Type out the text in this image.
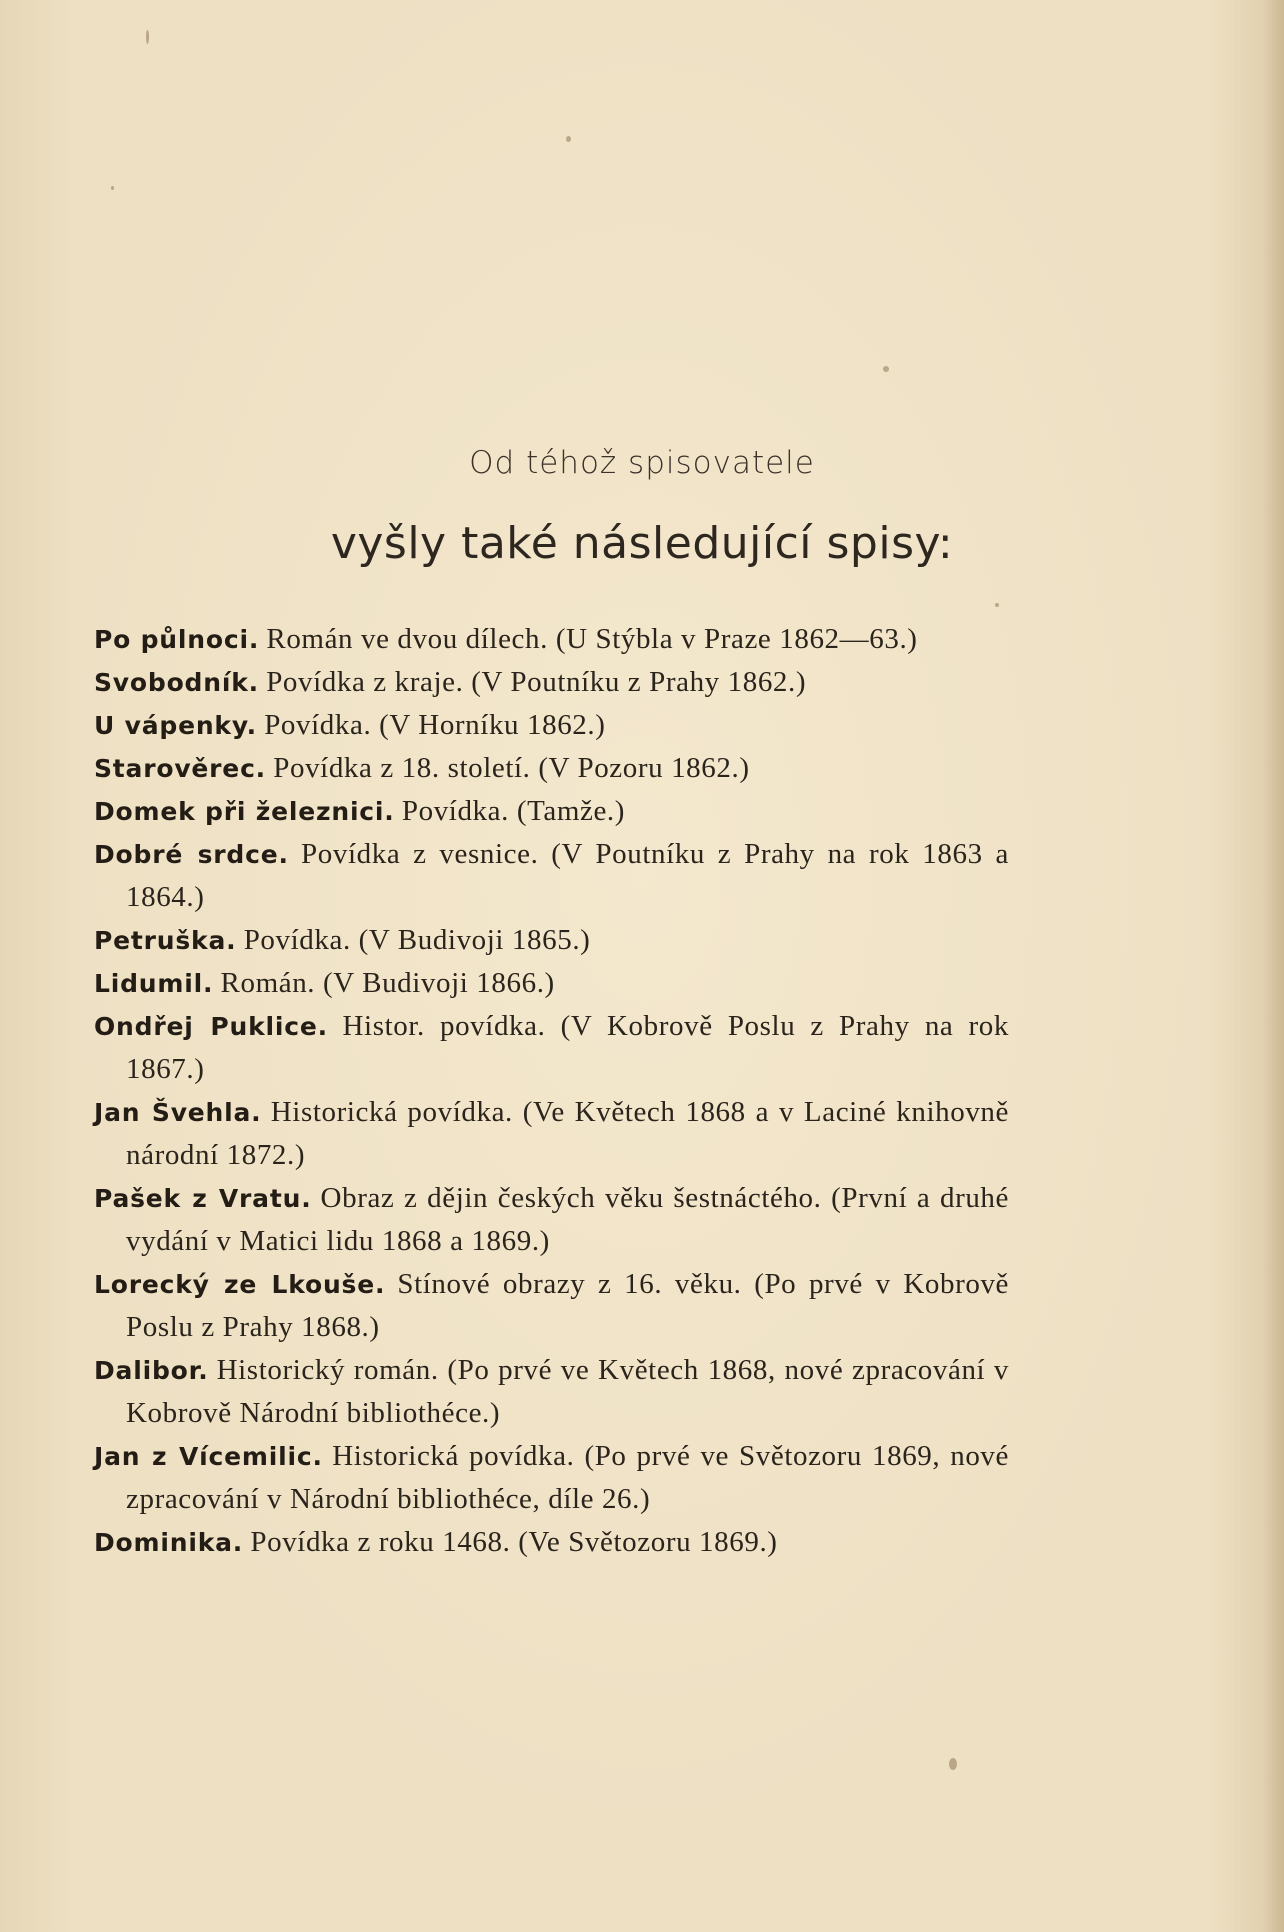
Od téhož spisovatele
vyšly také následující spisy:
Po půlnoci. Román ve dvou dílech. (U Stýbla v Praze 1862—63.)
Svobodník. Povídka z kraje. (V Poutníku z Prahy 1862.)
U vápenky. Povídka. (V Horníku 1862.)
Starověrec. Povídka z 18. století. (V Pozoru 1862.)
Domek při železnici. Povídka. (Tamže.)
Dobré srdce. Povídka z vesnice. (V Poutníku z Prahy na rok 1863 a 1864.)
Petruška. Povídka. (V Budivoji 1865.)
Lidumil. Román. (V Budivoji 1866.)
Ondřej Puklice. Histor. povídka. (V Kobrově Poslu z Prahy na rok 1867.)
Jan Švehla. Historická povídka. (Ve Květech 1868 a v Laciné knihovně národní 1872.)
Pašek z Vratu. Obraz z dějin českých věku šestnáctého. (První a druhé vydání v Matici lidu 1868 a 1869.)
Lorecký ze Lkouše. Stínové obrazy z 16. věku. (Po prvé v Kobrově Poslu z Prahy 1868.)
Dalibor. Historický román. (Po prvé ve Květech 1868, nové zpracování v Kobrově Národní bibliothéce.)
Jan z Vícemilic. Historická povídka. (Po prvé ve Světozoru 1869, nové zpracování v Národní bibliothéce, díle 26.)
Dominika. Povídka z roku 1468. (Ve Světozoru 1869.)
